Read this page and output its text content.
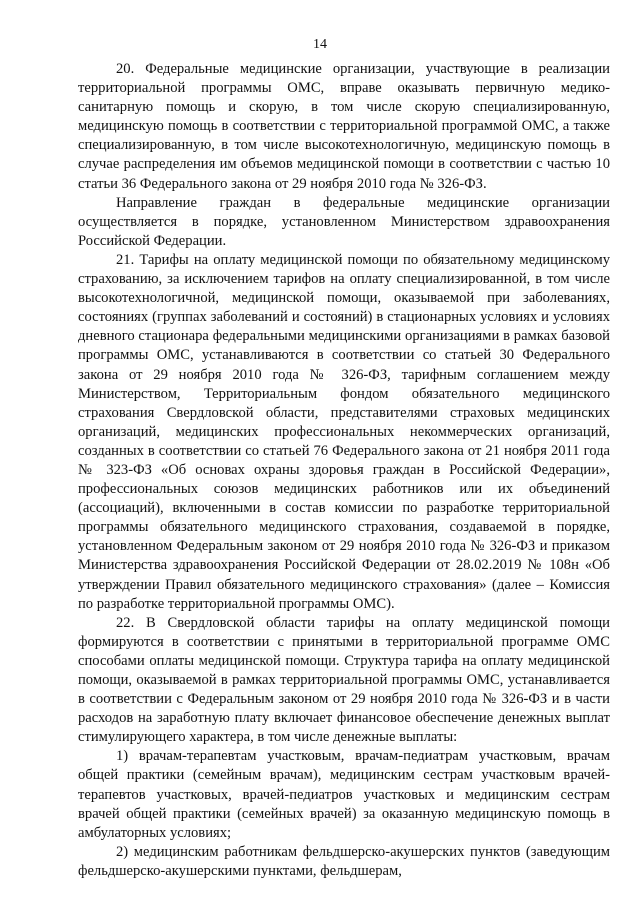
14

20. Федеральные медицинские организации, участвующие в реализации территориальной программы ОМС, вправе оказывать первичную медико-санитарную помощь и скорую, в том числе скорую специализированную, медицинскую помощь в соответствии с территориальной программой ОМС, а также специализированную, в том числе высокотехнологичную, медицинскую помощь в случае распределения им объемов медицинской помощи в соответствии с частью 10 статьи 36 Федерального закона от 29 ноября 2010 года № 326-ФЗ.

Направление граждан в федеральные медицинские организации осуществляется в порядке, установленном Министерством здравоохранения Российской Федерации.

21. Тарифы на оплату медицинской помощи по обязательному медицинскому страхованию, за исключением тарифов на оплату специализированной, в том числе высокотехнологичной, медицинской помощи, оказываемой при заболеваниях, состояниях (группах заболеваний и состояний) в стационарных условиях и условиях дневного стационара федеральными медицинскими организациями в рамках базовой программы ОМС, устанавливаются в соответствии со статьей 30 Федерального закона от 29 ноября 2010 года № 326-ФЗ, тарифным соглашением между Министерством, Территориальным фондом обязательного медицинского страхования Свердловской области, представителями страховых медицинских организаций, медицинских профессиональных некоммерческих организаций, созданных в соответствии со статьей 76 Федерального закона от 21 ноября 2011 года № 323-ФЗ «Об основах охраны здоровья граждан в Российской Федерации», профессиональных союзов медицинских работников или их объединений (ассоциаций), включенными в состав комиссии по разработке территориальной программы обязательного медицинского страхования, создаваемой в порядке, установленном Федеральным законом от 29 ноября 2010 года № 326-ФЗ и приказом Министерства здравоохранения Российской Федерации от 28.02.2019 № 108н «Об утверждении Правил обязательного медицинского страхования» (далее – Комиссия по разработке территориальной программы ОМС).

22. В Свердловской области тарифы на оплату медицинской помощи формируются в соответствии с принятыми в территориальной программе ОМС способами оплаты медицинской помощи. Структура тарифа на оплату медицинской помощи, оказываемой в рамках территориальной программы ОМС, устанавливается в соответствии с Федеральным законом от 29 ноября 2010 года № 326-ФЗ и в части расходов на заработную плату включает финансовое обеспечение денежных выплат стимулирующего характера, в том числе денежные выплаты:

1) врачам-терапевтам участковым, врачам-педиатрам участковым, врачам общей практики (семейным врачам), медицинским сестрам участковым врачей-терапевтов участковых, врачей-педиатров участковых и медицинским сестрам врачей общей практики (семейных врачей) за оказанную медицинскую помощь в амбулаторных условиях;

2) медицинским работникам фельдшерско-акушерских пунктов (заведующим фельдшерско-акушерскими пунктами, фельдшерам,
